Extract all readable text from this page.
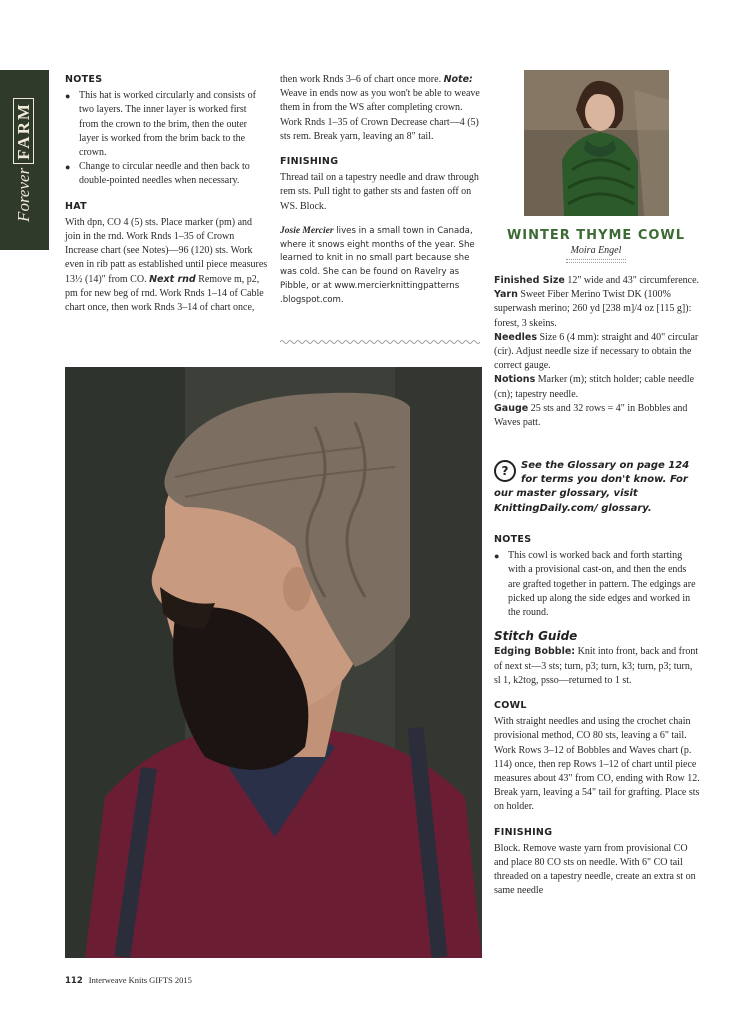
ForeverFARM
NOTES
● This hat is worked circularly and consists of two layers. The inner layer is worked first from the crown to the brim, then the outer layer is worked from the brim back to the crown.
● Change to circular needle and then back to double-pointed needles when necessary.
HAT

With dpn, CO 4 (5) sts. Place marker (pm) and join in the rnd. Work Rnds 1–35 of Crown Increase chart (see Notes)—96 (120) sts. Work even in rib patt as established until piece measures 13½ (14)" from CO. Next rnd Remove m, p2, pm for new beg of rnd. Work Rnds 1–14 of Cable chart once, then work Rnds 3–14 of chart once,

then work Rnds 3–6 of chart once more. Note: Weave in ends now as you won't be able to weave them in from the WS after completing crown. Work Rnds 1–35 of Crown Decrease chart—4 (5) sts rem. Break yarn, leaving an 8" tail.

FINISHING

Thread tail on a tapestry needle and draw through rem sts. Pull tight to gather sts and fasten off on WS. Block.

Josie Mercier lives in a small town in Canada, where it snows eight months of the year. She learned to knit in no small part because she was cold. She can be found on Ravelry as Pibble, or at www.mercierknittingpatterns .blogspot.com.

WINTER THYME COWL
Moira Engel

Finished Size 12" wide and 43" circumference.

Yarn Sweet Fiber Merino Twist DK (100% superwash merino; 260 yd [238 m]/4 oz [115 g]): forest, 3 skeins.

Needles Size 6 (4 mm): straight and 40" circular (cir). Adjust needle size if necessary to obtain the correct gauge.

Notions Marker (m); stitch holder; cable needle (cn); tapestry needle.

Gauge 25 sts and 32 rows = 4" in Bobbles and Waves patt.

?	See the Glossary on page 124 for terms you don't know. For our master glossary, visit KnittingDaily.com/ glossary.
NOTES
● This cowl is worked back and forth starting with a provisional cast-on, and then the ends are grafted together in pattern. The edgings are picked up along the side edges and worked in the round.
Stitch Guide

Edging Bobble: Knit into front, back and front of next st—3 sts; turn, p3; turn, k3; turn, p3; turn, sl 1, k2tog, psso—returned to 1 st.

COWL

With straight needles and using the crochet chain provisional method, CO 80 sts, leaving a 6" tail. Work Rows 3–12 of Bobbles and Waves chart (p. 114) once, then rep Rows 1–12 of chart until piece measures about 43" from CO, ending with Row 12. Break yarn, leaving a 54" tail for grafting. Place sts on holder.

FINISHING

Block. Remove waste yarn from provisional CO and place 80 CO sts on needle. With 6" CO tail threaded on a tapestry needle, create an extra st on same needle

112 Interweave Knits GIFTS 2015
